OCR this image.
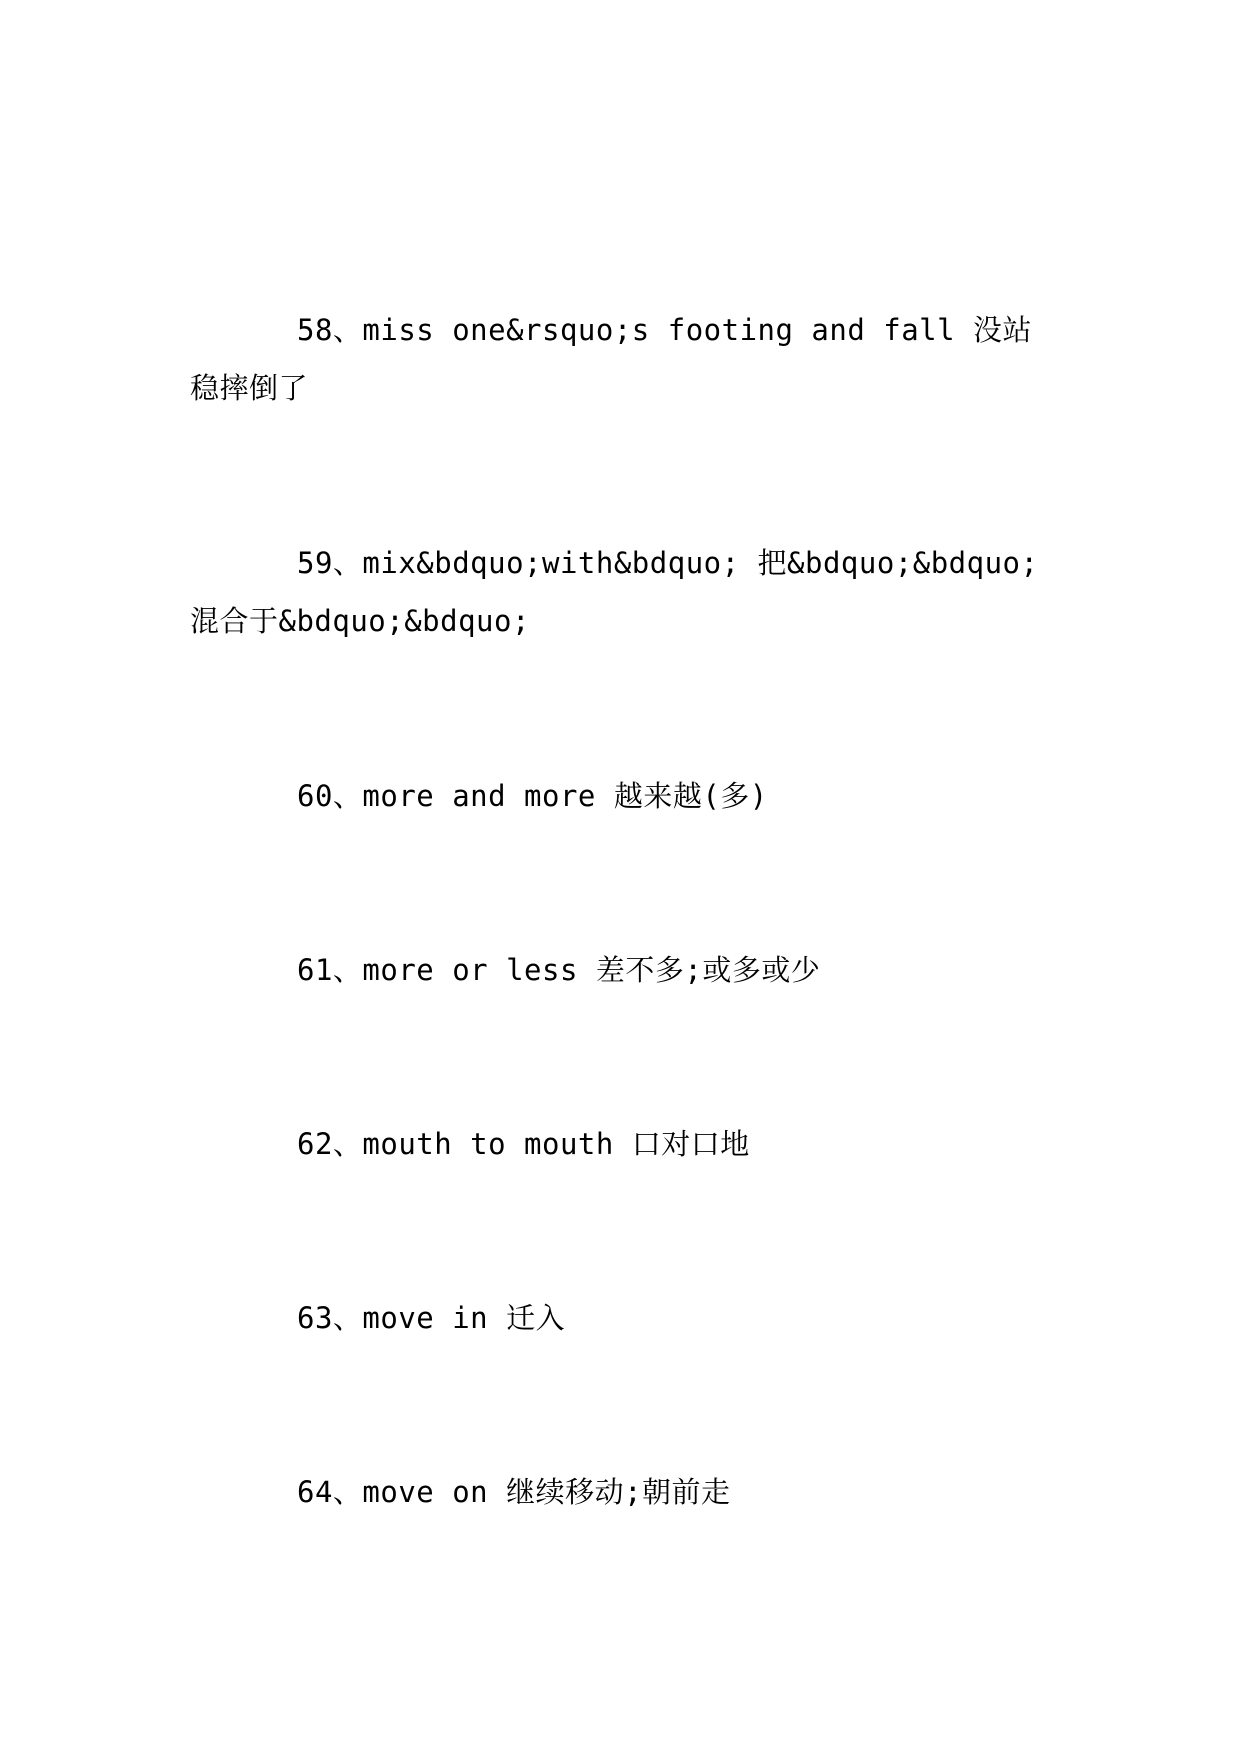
58、miss one&rsquo;s footing and fall 没站稳摔倒了

59、mix&bdquo;with&bdquo; 把&bdquo;&bdquo;混合于&bdquo;&bdquo;

60、more and more 越来越(多)

61、more or less 差不多;或多或少

62、mouth to mouth 口对口地

63、move in 迁入

64、move on 继续移动;朝前走
